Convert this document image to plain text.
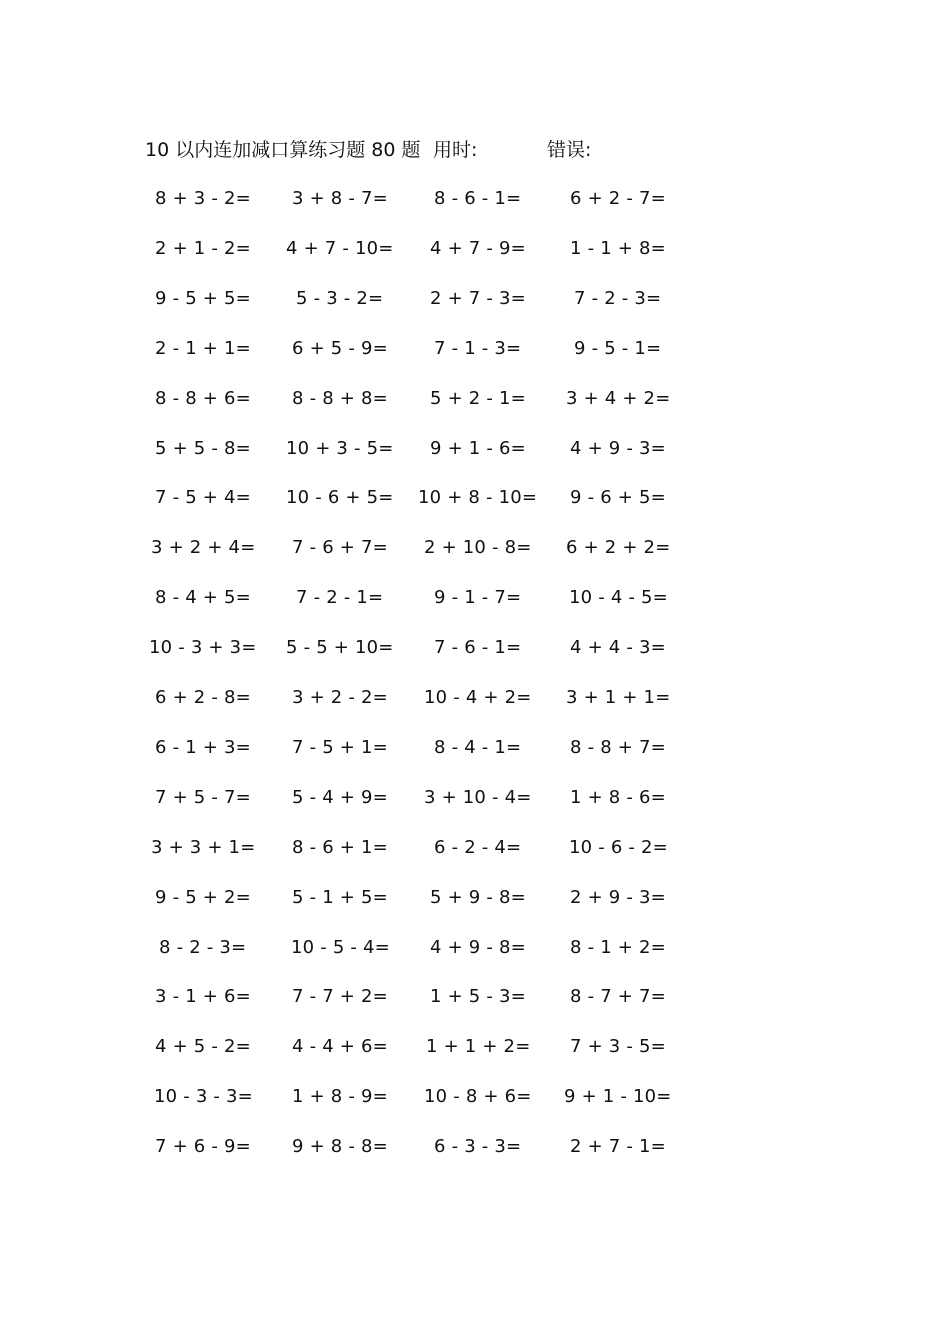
10 以内连加减口算练习题 80 题 用时:	错误:
8 + 3 - 2= 3 + 8 - 7=	8 - 6 - 1=	6 + 2 - 7=
2 + 1 - 2= 4 + 7 - 10= 4 + 7 - 9= 1 - 1 + 8=
9 - 5 + 5=	5 - 3 - 2=	2 + 7 - 3=	7 - 2 - 3=
2 - 1 + 1= 6 + 5 - 9=	7 - 1 - 3=	9 - 5 - 1=
8 - 8 + 6= 8 - 8 + 8= 5 + 2 - 1= 3 + 4 + 2=
5 + 5 - 8= 10 + 3 - 5= 9 + 1 - 6= 4 + 9 - 3=
7 - 5 + 4= 10 - 6 + 5= 10 + 8 - 10= 9 - 6 + 5=
3 + 2 + 4= 7 - 6 + 7= 2 + 10 - 8= 6 + 2 + 2=
8 - 4 + 5=	7 - 2 - 1=	9 - 1 - 7=	10 - 4 - 5=
10 - 3 + 3= 5 - 5 + 10= 7 - 6 - 1=	4 + 4 - 3=
6 + 2 - 8= 3 + 2 - 2= 10 - 4 + 2= 3 + 1 + 1=
6 - 1 + 3= 7 - 5 + 1=	8 - 4 - 1=	8 - 8 + 7=
7 + 5 - 7= 5 - 4 + 9= 3 + 10 - 4= 1 + 8 - 6=
3 + 3 + 1= 8 - 6 + 1=	6 - 2 - 4=	10 - 6 - 2=
9 - 5 + 2= 5 - 1 + 5= 5 + 9 - 8= 2 + 9 - 3=
8 - 2 - 3= 10 - 5 - 4= 4 + 9 - 8= 8 - 1 + 2=
3 - 1 + 6= 7 - 7 + 2= 1 + 5 - 3= 8 - 7 + 7=
4 + 5 - 2= 4 - 4 + 6= 1 + 1 + 2= 7 + 3 - 5=
10 - 3 - 3= 1 + 8 - 9= 10 - 8 + 6= 9 + 1 - 10=
7 + 6 - 9= 9 + 8 - 8=	6 - 3 - 3=	2 + 7 - 1=
